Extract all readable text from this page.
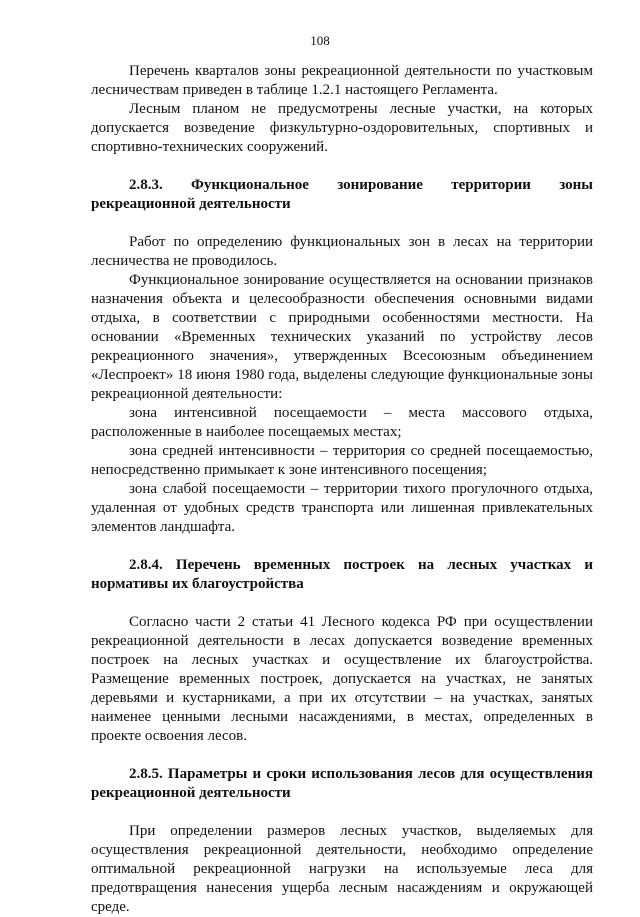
108

Перечень кварталов зоны рекреационной деятельности по участковым лесничествам приведен в таблице 1.2.1 настоящего Регламента.

Лесным планом не предусмотрены лесные участки, на которых допускается возведение физкультурно-оздоровительных, спортивных и спортивно-технических сооружений.

2.8.3. Функциональное зонирование территории зоны рекреационной деятельности

Работ по определению функциональных зон в лесах на территории лесничества не проводилось.

Функциональное зонирование осуществляется на основании признаков назначения объекта и целесообразности обеспечения основными видами отдыха, в соответствии с природными особенностями местности. На основании «Временных технических указаний по устройству лесов рекреационного значения», утвержденных Всесоюзным объединением «Леспроект» 18 июня 1980 года, выделены следующие функциональные зоны рекреационной деятельности:

зона интенсивной посещаемости – места массового отдыха, расположенные в наиболее посещаемых местах;

зона средней интенсивности – территория со средней посещаемостью, непосредственно примыкает к зоне интенсивного посещения;

зона слабой посещаемости – территории тихого прогулочного отдыха, удаленная от удобных средств транспорта или лишенная привлекательных элементов ландшафта.

2.8.4. Перечень временных построек на лесных участках и нормативы их благоустройства

Согласно части 2 статьи 41 Лесного кодекса РФ при осуществлении рекреационной деятельности в лесах допускается возведение временных построек на лесных участках и осуществление их благоустройства. Размещение временных построек, допускается на участках, не занятых деревьями и кустарниками, а при их отсутствии – на участках, занятых наименее ценными лесными насаждениями, в местах, определенных в проекте освоения лесов.

2.8.5. Параметры и сроки использования лесов для осуществления рекреационной деятельности

При определении размеров лесных участков, выделяемых для осуществления рекреационной деятельности, необходимо определение оптимальной рекреационной нагрузки на используемые леса для предотвращения нанесения ущерба лесным насаждениям и окружающей среде.
